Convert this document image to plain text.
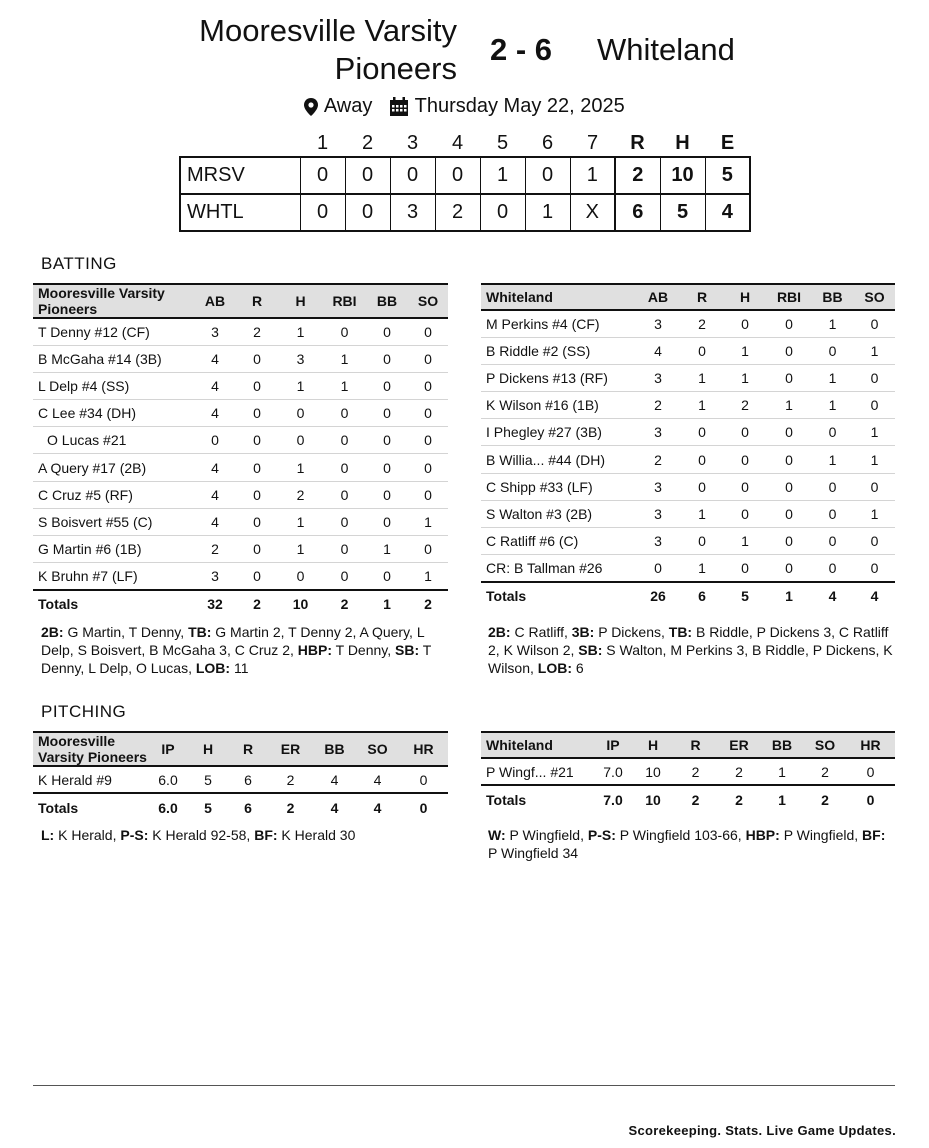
Mooresville Varsity
Pioneers
2 - 6 Whiteland
Away Thursday May 22, 2025
	1	2	3	4	5	6	7	R	H	E
MRSV	0	0	0	0	1	0	1	2	10	5
WHTL	0	0	3	2	0	1	X	6	5	4
BATTING
Mooresville Varsity Pioneers	AB	R	H	RBI	BB	SO
T Denny #12 (CF)	3	2	1	0	0	0
B McGaha #14 (3B)	4	0	3	1	0	0
L Delp #4 (SS)	4	0	1	1	0	0
C Lee #34 (DH)	4	0	0	0	0	0
O Lucas #21	0	0	0	0	0	0
A Query #17 (2B)	4	0	1	0	0	0
C Cruz #5 (RF)	4	0	2	0	0	0
S Boisvert #55 (C)	4	0	1	0	0	1
G Martin #6 (1B)	2	0	1	0	1	0
K Bruhn #7 (LF)	3	0	0	0	0	1
Totals	32	2	10	2	1	2
Whiteland	AB	R	H	RBI	BB	SO
M Perkins #4 (CF)	3	2	0	0	1	0
B Riddle #2 (SS)	4	0	1	0	0	1
P Dickens #13 (RF)	3	1	1	0	1	0
K Wilson #16 (1B)	2	1	2	1	1	0
I Phegley #27 (3B)	3	0	0	0	0	1
B Willia... #44 (DH)	2	0	0	0	1	1
C Shipp #33 (LF)	3	0	0	0	0	0
S Walton #3 (2B)	3	1	0	0	0	1
C Ratliff #6 (C)	3	0	1	0	0	0
CR: B Tallman #26	0	1	0	0	0	0
Totals	26	6	5	1	4	4
2B: G Martin, T Denny, TB: G Martin 2, T Denny 2, A Query, L Delp, S Boisvert, B McGaha 3, C Cruz 2, HBP: T Denny, SB: T Denny, L Delp, O Lucas, LOB: 11
2B: C Ratliff, 3B: P Dickens, TB: B Riddle, P Dickens 3, C Ratliff 2, K Wilson 2, SB: S Walton, M Perkins 3, B Riddle, P Dickens, K Wilson, LOB: 6
PITCHING
Mooresville Varsity Pioneers	IP	H	R	ER	BB	SO	HR
K Herald #9	6.0	5	6	2	4	4	0
Totals	6.0	5	6	2	4	4	0
Whiteland	IP	H	R	ER	BB	SO	HR
P Wingf... #21	7.0	10	2	2	1	2	0
Totals	7.0	10	2	2	1	2	0
L: K Herald, P-S: K Herald 92-58, BF: K Herald 30	W: P Wingfield, P-S: P Wingfield 103-66, HBP: P Wingfield, BF: P Wingfield 34
Scorekeeping. Stats. Live Game Updates.
